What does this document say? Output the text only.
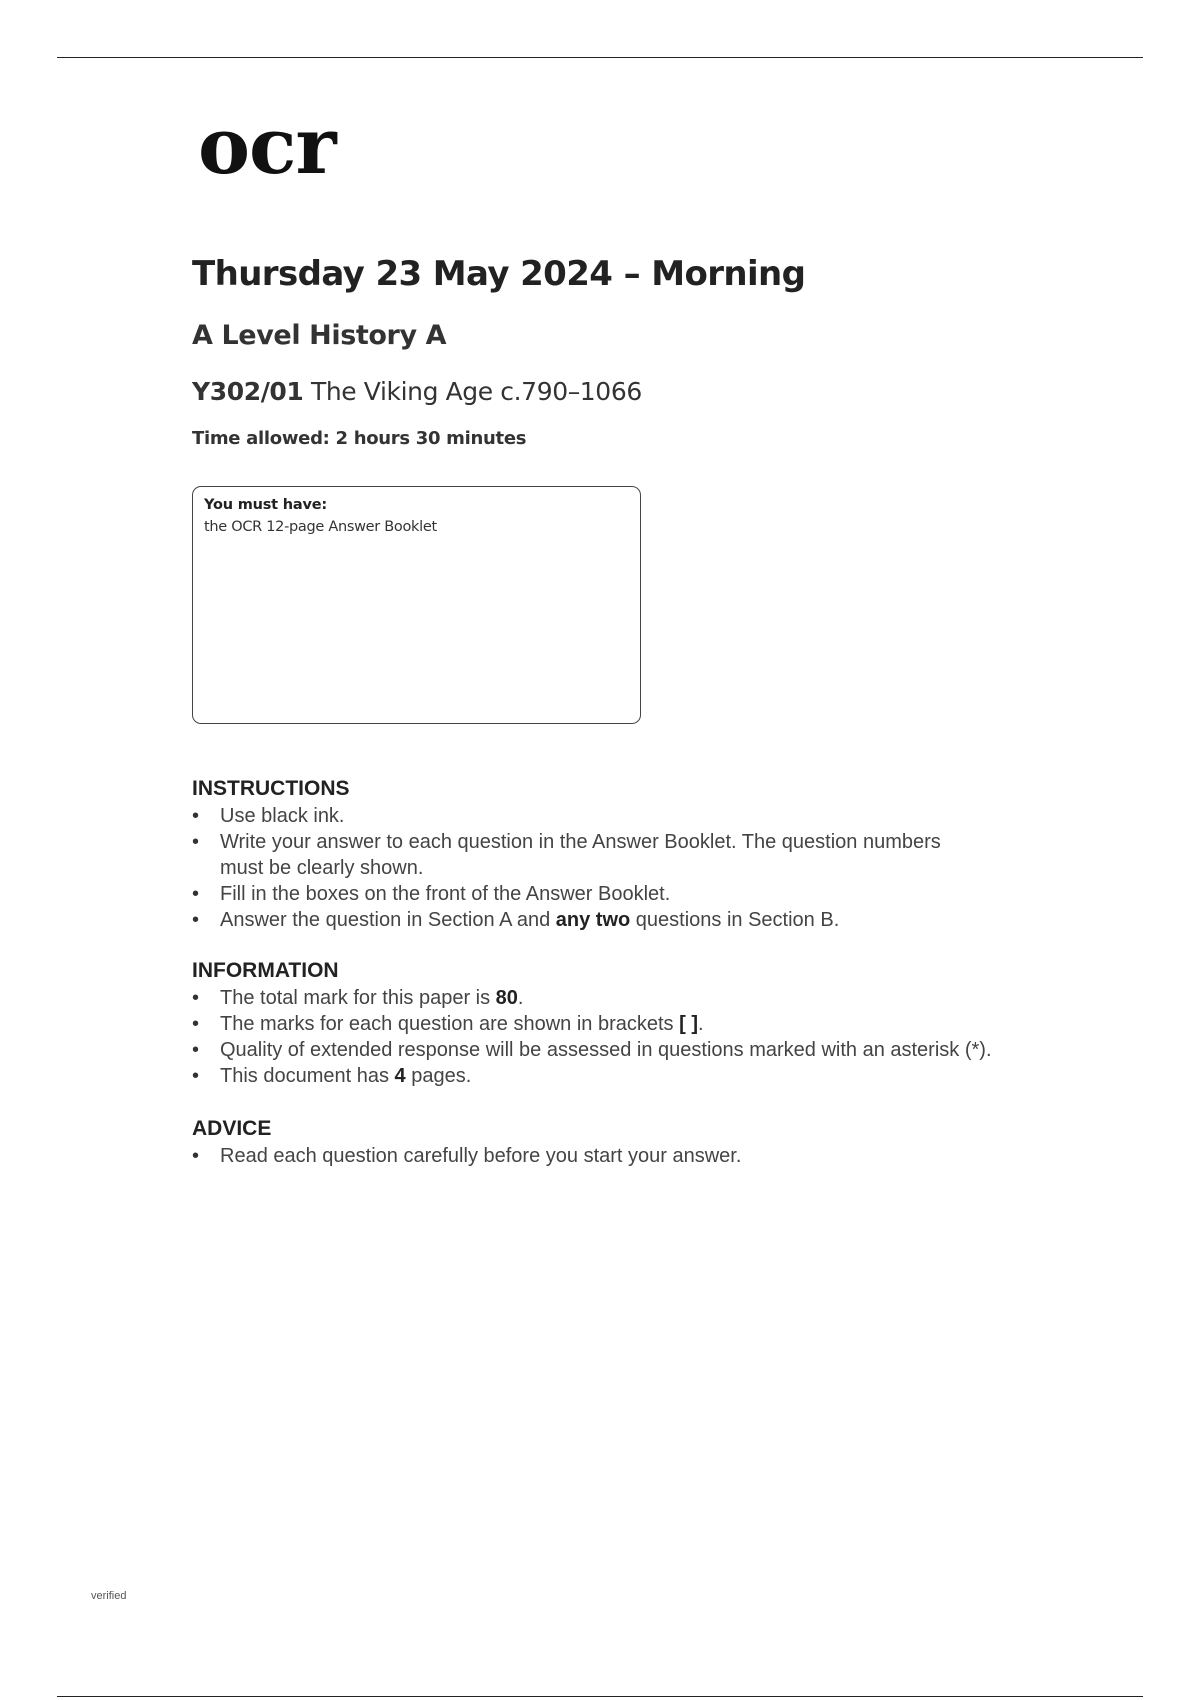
ocr
Thursday 23 May 2024 – Morning
A Level History A
Y302/01 The Viking Age c.790–1066
Time allowed: 2 hours 30 minutes
You must have:
the OCR 12-page Answer Booklet
INSTRUCTIONS
• Use black ink.
• Write your answer to each question in the Answer Booklet. The question numbers
must be clearly shown.
• Fill in the boxes on the front of the Answer Booklet.
• Answer the question in Section A and any two questions in Section B.
INFORMATION
• The total mark for this paper is 80.
• The marks for each question are shown in brackets [ ].
• Quality of extended response will be assessed in questions marked with an asterisk (*).
• This document has 4 pages.
ADVICE
• Read each question carefully before you start your answer.
verified
